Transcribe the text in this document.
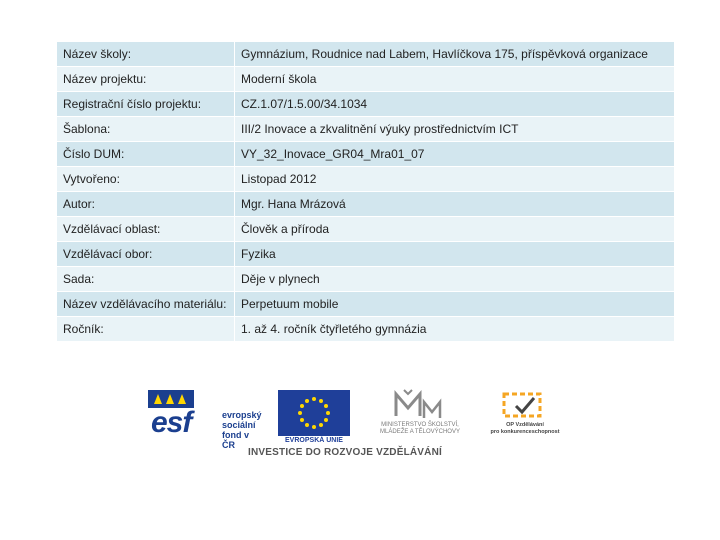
Název školy:	Gymnázium, Roudnice nad Labem, Havlíčkova 175, příspěvková organizace
Název projektu:	Moderní škola
Registrační číslo projektu:	CZ.1.07/1.5.00/34.1034
Šablona:	III/2 Inovace a zkvalitnění výuky prostřednictvím ICT
Číslo DUM:	VY_32_Inovace_GR04_Mra01_07
Vytvořeno:	Listopad 2012
Autor:	Mgr. Hana Mrázová
Vzdělávací oblast:	Člověk a příroda
Vzdělávací obor:	Fyzika
Sada:	Děje v plynech
Název vzdělávacího materiálu:	Perpetuum mobile
Ročník:	1. až 4. ročník čtyřletého gymnázia
esf	evropský
sociální
fond v ČR	EVROPSKÁ UNIE
MINISTERSTVO ŠKOLSTVÍ,
MLÁDEŽE A TĚLOVÝCHOVY
OP Vzdělávání
pro konkurenceschopnost
INVESTICE DO ROZVOJE VZDĚLÁVÁNÍ
